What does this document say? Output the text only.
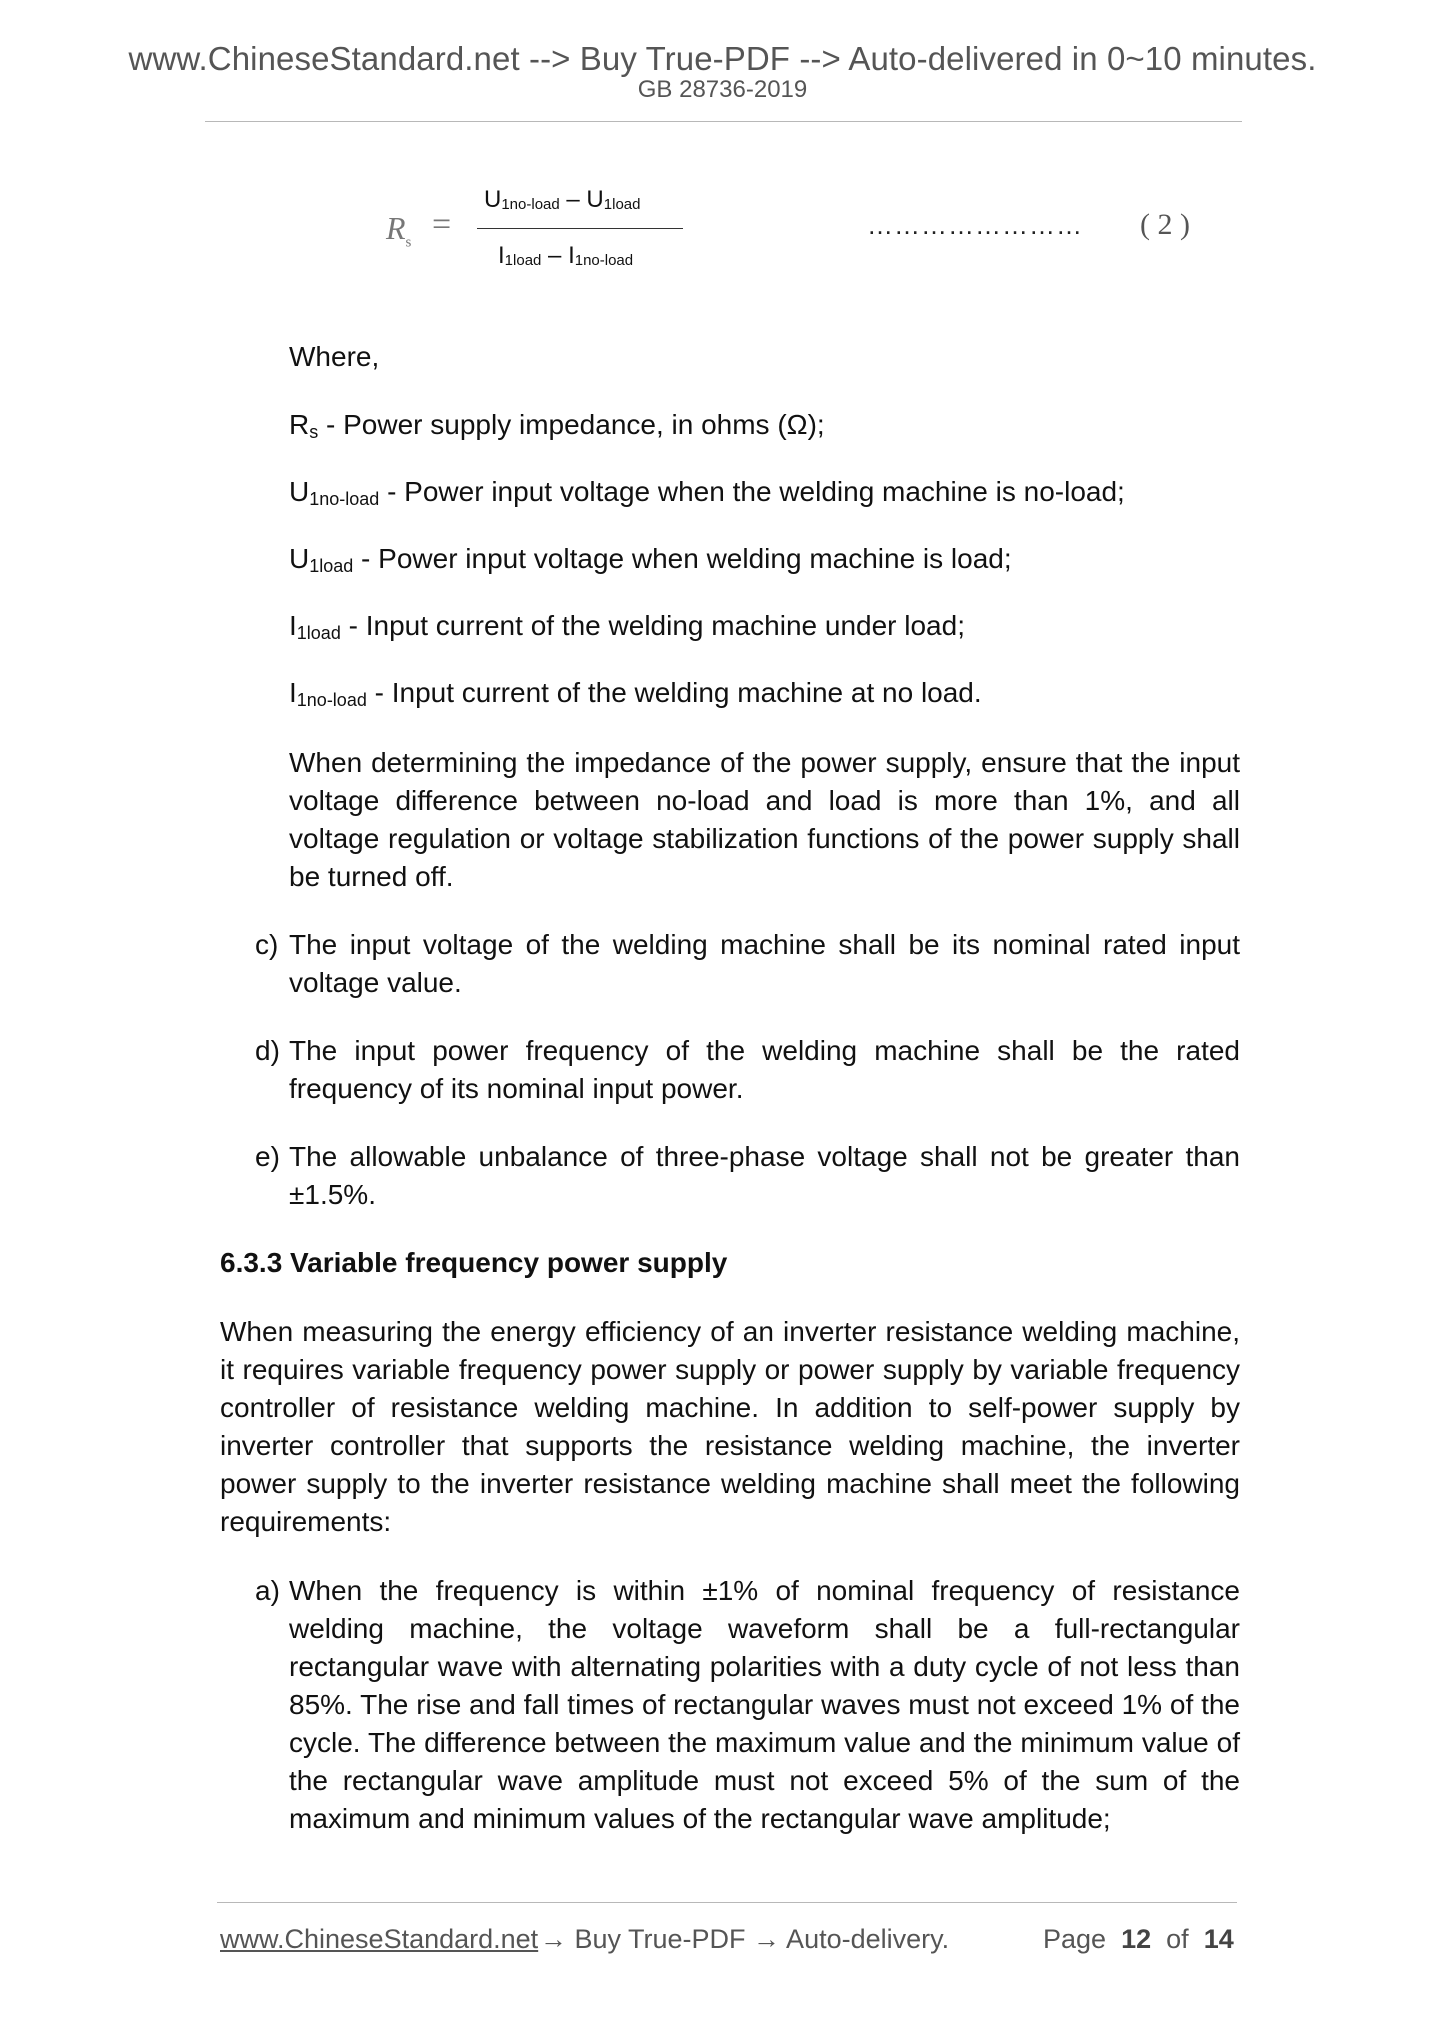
www.ChineseStandard.net --> Buy True-PDF --> Auto-delivered in 0~10 minutes.
GB 28736-2019
$R_s$ =
$U_{1no-load} - U_{1load}$
$I_{1load} - I_{1no-load}$
…………………… ( 2 )

Where,

$R_s$ - Power supply impedance, in ohms (Ω);

$U_{1no-load}$ - Power input voltage when the welding machine is no-load;

$U_{1load}$ - Power input voltage when welding machine is load;

$I_{1load}$ - Input current of the welding machine under load;

$I_{1no-load}$ - Input current of the welding machine at no load.

When determining the impedance of the power supply, ensure that the input voltage difference between no-load and load is more than 1%, and all voltage regulation or voltage stabilization functions of the power supply shall be turned off.

c) The input voltage of the welding machine shall be its nominal rated input voltage value.
d) The input power frequency of the welding machine shall be the rated frequency of its nominal input power.
e) The allowable unbalance of three-phase voltage shall not be greater than ±1.5%.
6.3.3 Variable frequency power supply

When measuring the energy efficiency of an inverter resistance welding machine, it requires variable frequency power supply or power supply by variable frequency controller of resistance welding machine. In addition to self-power supply by inverter controller that supports the resistance welding machine, the inverter power supply to the inverter resistance welding machine shall meet the following requirements:

a) When the frequency is within ±1% of nominal frequency of resistance welding machine, the voltage waveform shall be a full-rectangular rectangular wave with alternating polarities with a duty cycle of not less than 85%. The rise and fall times of rectangular waves must not exceed 1% of the cycle. The difference between the maximum value and the minimum value of the rectangular wave amplitude must not exceed 5% of the sum of the maximum and minimum values of the rectangular wave amplitude;
www.ChineseStandard.net → Buy True-PDF → Auto-delivery.	Page 12 of 14
